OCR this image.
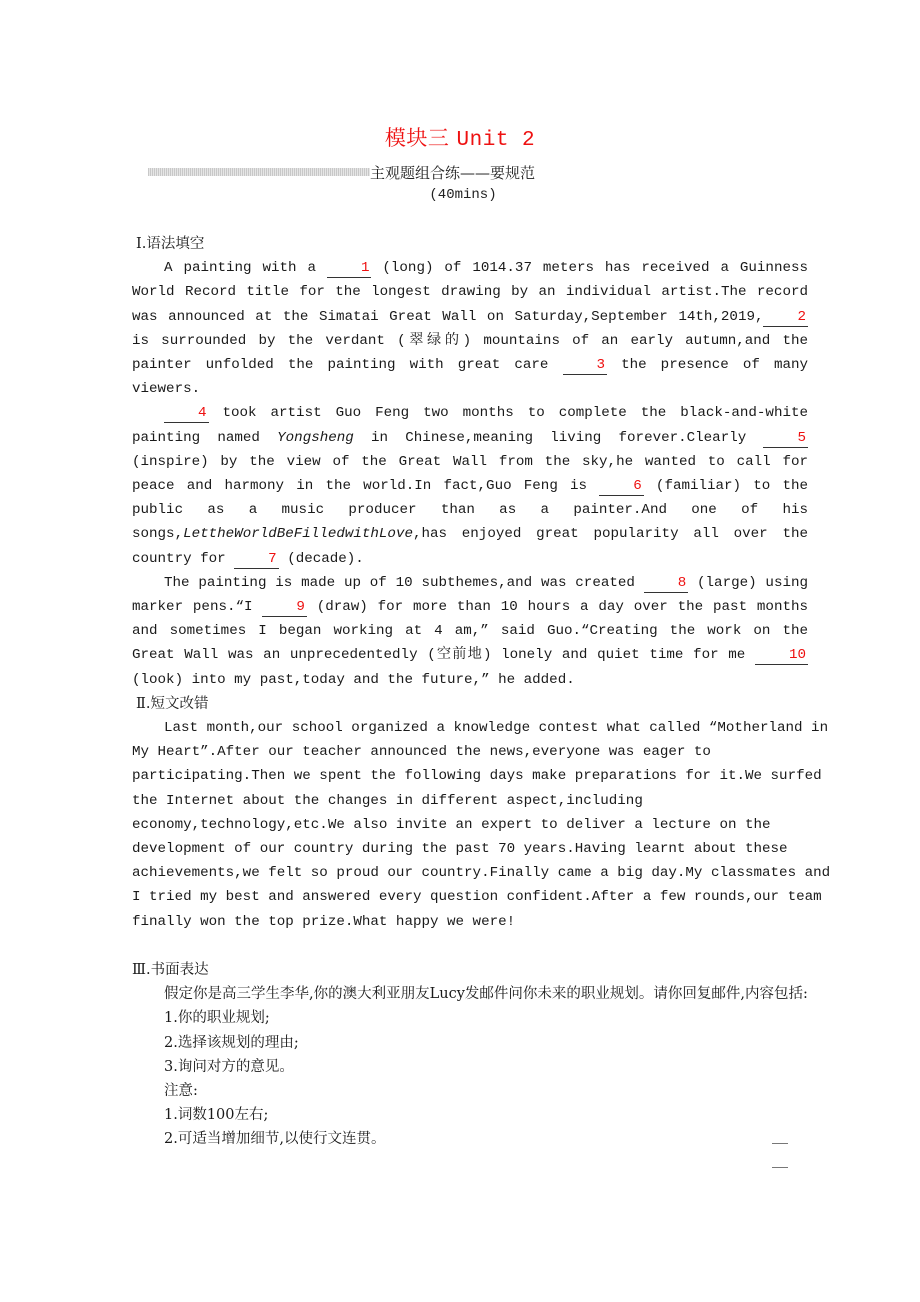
模块三 Unit 2
主观题组合练——要规范
(40mins)
Ⅰ.语法填空

A painting with a 1 (long) of 1014.37 meters has received a Guinness World Record title for the longest drawing by an individual artist.The record was announced at the Simatai Great Wall on Saturday,September 14th,2019, 2 is surrounded by the verdant (翠绿的) mountains of an early autumn,and the painter unfolded the painting with great care 3 the presence of many viewers.

4 took artist Guo Feng two months to complete the black-and-white painting named Yongsheng in Chinese,meaning living forever.Clearly 5 (inspire) by the view of the Great Wall from the sky,he wanted to call for peace and harmony in the world.In fact,Guo Feng is 6 (familiar) to the public as a music producer than as a painter.And one of his songs,LettheWorldBeFilledwithLove,has enjoyed great popularity all over the country for 7 (decade).

The painting is made up of 10 subthemes,and was created 8 (large) using marker pens.“I 9 (draw) for more than 10 hours a day over the past months and sometimes I began working at 4 am,” said Guo.“Creating the work on the Great Wall was an unprecedentedly (空前地) lonely and quiet time for me 10 (look) into my past,today and the future,” he added.

Ⅱ.短文改错
Last month,our school organized a knowledge contest what called “Motherland in
My Heart”.After our teacher announced the news,everyone was eager to
participating.Then we spent the following days make preparations for it.We surfed
the Internet about the changes in different aspect,including
economy,technology,etc.We also invite an expert to deliver a lecture on the
development of our country during the past 70 years.Having learnt about these
achievements,we felt so proud our country.Finally came a big day.My classmates and
I tried my best and answered every question confident.After a few rounds,our team
finally won the top prize.What happy we were!
Ⅲ.书面表达

假定你是高三学生李华,你的澳大利亚朋友Lucy发邮件问你未来的职业规划。请你回复邮件,内容包括:

1.你的职业规划;
2.选择该规划的理由;
3.询问对方的意见。
注意:
1.词数100左右;
2.可适当增加细节,以使行文连贯。
